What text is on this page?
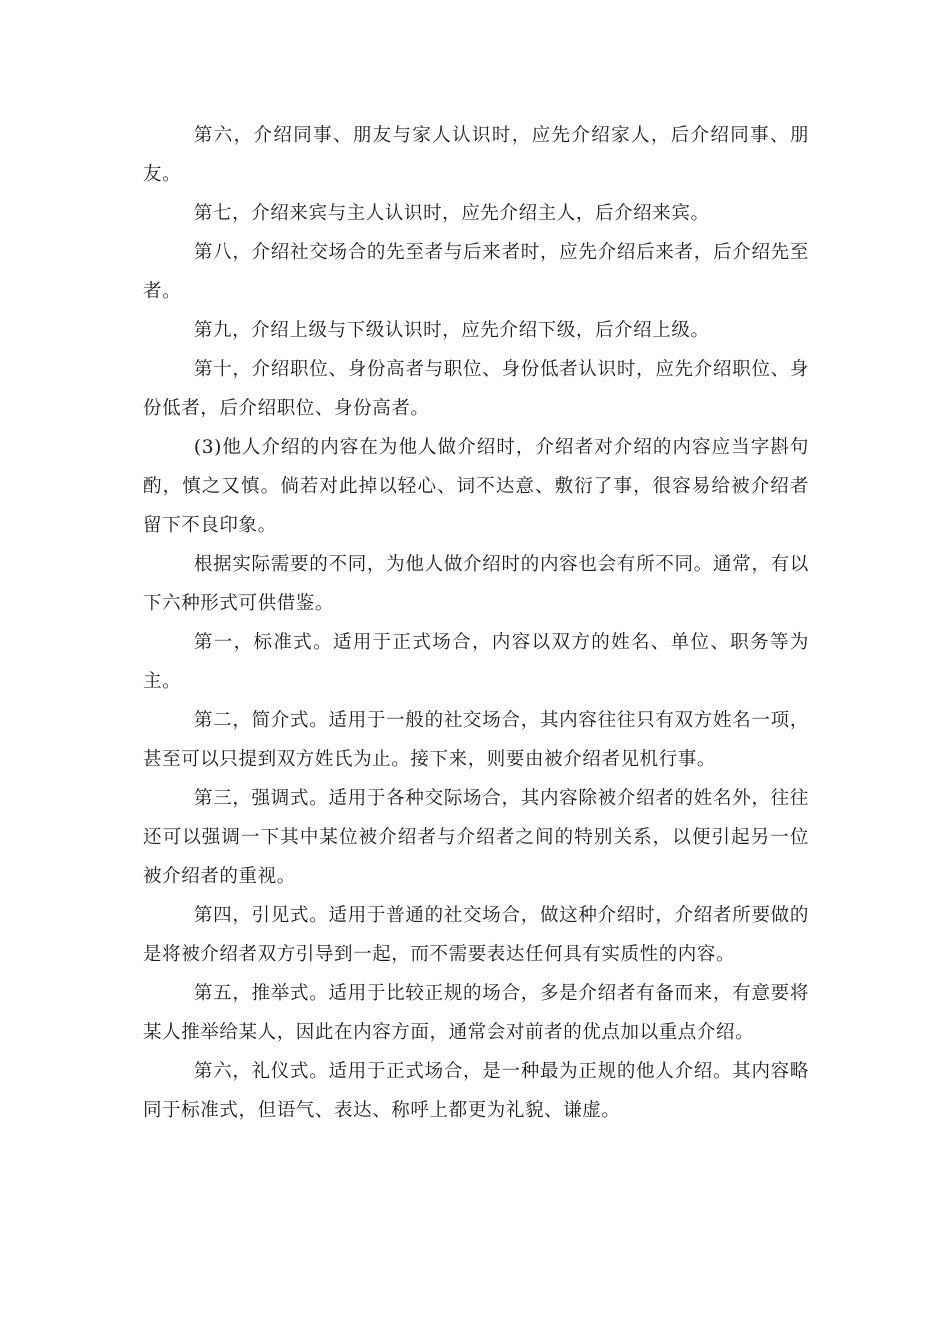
第六，介绍同事、朋友与家人认识时，应先介绍家人，后介绍同事、朋友。

第七，介绍来宾与主人认识时，应先介绍主人，后介绍来宾。

第八，介绍社交场合的先至者与后来者时，应先介绍后来者，后介绍先至者。

第九，介绍上级与下级认识时，应先介绍下级，后介绍上级。

第十，介绍职位、身份高者与职位、身份低者认识时，应先介绍职位、身份低者，后介绍职位、身份高者。

(3)他人介绍的内容在为他人做介绍时，介绍者对介绍的内容应当字斟句酌，慎之又慎。倘若对此掉以轻心、词不达意、敷衍了事，很容易给被介绍者留下不良印象。

根据实际需要的不同，为他人做介绍时的内容也会有所不同。通常，有以下六种形式可供借鉴。

第一，标准式。适用于正式场合，内容以双方的姓名、单位、职务等为主。

第二，简介式。适用于一般的社交场合，其内容往往只有双方姓名一项，甚至可以只提到双方姓氏为止。接下来，则要由被介绍者见机行事。

第三，强调式。适用于各种交际场合，其内容除被介绍者的姓名外，往往还可以强调一下其中某位被介绍者与介绍者之间的特别关系，以便引起另一位被介绍者的重视。

第四，引见式。适用于普通的社交场合，做这种介绍时，介绍者所要做的是将被介绍者双方引导到一起，而不需要表达任何具有实质性的内容。

第五，推举式。适用于比较正规的场合，多是介绍者有备而来，有意要将某人推举给某人，因此在内容方面，通常会对前者的优点加以重点介绍。

第六，礼仪式。适用于正式场合，是一种最为正规的他人介绍。其内容略同于标准式，但语气、表达、称呼上都更为礼貌、谦虚。
